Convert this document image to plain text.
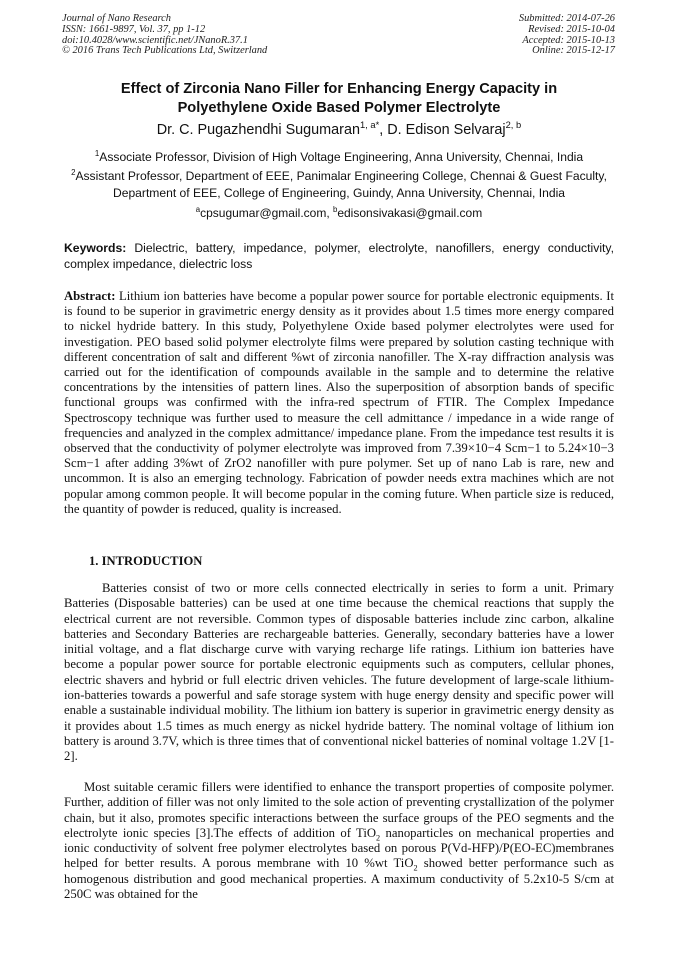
Journal of Nano Research
ISSN: 1661-9897, Vol. 37, pp 1-12
doi:10.4028/www.scientific.net/JNanoR.37.1
© 2016 Trans Tech Publications Ltd, Switzerland
Submitted: 2014-07-26
Revised: 2015-10-04
Accepted: 2015-10-13
Online: 2015-12-17
Effect of Zirconia Nano Filler for Enhancing Energy Capacity in
Polyethylene Oxide Based Polymer Electrolyte
Dr. C. Pugazhendhi Sugumaran$^{1, a*}$, D. Edison Selvaraj$^{2, b}$
$^1$Associate Professor, Division of High Voltage Engineering, Anna University, Chennai, India
$^2$Assistant Professor, Department of EEE, Panimalar Engineering College, Chennai & Guest Faculty, Department of EEE, College of Engineering, Guindy, Anna University, Chennai, India
$^a$cpsugumar@gmail.com, $^b$edisonsivakasi@gmail.com
Keywords: Dielectric, battery, impedance, polymer, electrolyte, nanofillers, energy conductivity, complex impedance, dielectric loss
Abstract: Lithium ion batteries have become a popular power source for portable electronic equipments. It is found to be superior in gravimetric energy density as it provides about 1.5 times more energy compared to nickel hydride battery. In this study, Polyethylene Oxide based polymer electrolytes were used for investigation. PEO based solid polymer electrolyte films were prepared by solution casting technique with different concentration of salt and different %wt of zirconia nanofiller. The X-ray diffraction analysis was carried out for the identification of compounds available in the sample and to determine the relative concentrations by the intensities of pattern lines. Also the superposition of absorption bands of specific functional groups was confirmed with the infra-red spectrum of FTIR. The Complex Impedance Spectroscopy technique was further used to measure the cell admittance / impedance in a wide range of frequencies and analyzed in the complex admittance/ impedance plane. From the impedance test results it is observed that the conductivity of polymer electrolyte was improved from 7.39×10−4 Scm−1 to 5.24×10−3 Scm−1 after adding 3%wt of ZrO2 nanofiller with pure polymer. Set up of nano Lab is rare, new and uncommon. It is also an emerging technology. Fabrication of powder needs extra machines which are not popular among common people. It will become popular in the coming future. When particle size is reduced, the quantity of powder is reduced, quality is increased.
1. INTRODUCTION
Batteries consist of two or more cells connected electrically in series to form a unit. Primary Batteries (Disposable batteries) can be used at one time because the chemical reactions that supply the electrical current are not reversible. Common types of disposable batteries include zinc carbon, alkaline batteries and Secondary Batteries are rechargeable batteries. Generally, secondary batteries have a lower initial voltage, and a flat discharge curve with varying recharge life ratings. Lithium ion batteries have become a popular power source for portable electronic equipments such as computers, cellular phones, electric shavers and hybrid or full electric driven vehicles. The future development of large-scale lithium-ion-batteries towards a powerful and safe storage system with huge energy density and specific power will enable a sustainable individual mobility. The lithium ion battery is superior in gravimetric energy density as it provides about 1.5 times as much energy as nickel hydride battery. The nominal voltage of lithium ion battery is around 3.7V, which is three times that of conventional nickel batteries of nominal voltage 1.2V [1-2].
Most suitable ceramic fillers were identified to enhance the transport properties of composite polymer. Further, addition of filler was not only limited to the sole action of preventing crystallization of the polymer chain, but it also, promotes specific interactions between the surface groups of the PEO segments and the electrolyte ionic species [3].The effects of addition of TiO$_2$ nanoparticles on mechanical properties and ionic conductivity of solvent free polymer electrolytes based on porous P(Vd-HFP)/P(EO-EC)membranes helped for better results. A porous membrane with 10 %wt TiO$_2$ showed better performance such as homogenous distribution and good mechanical properties. A maximum conductivity of 5.2x10-5 S/cm at 250C was obtained for the
